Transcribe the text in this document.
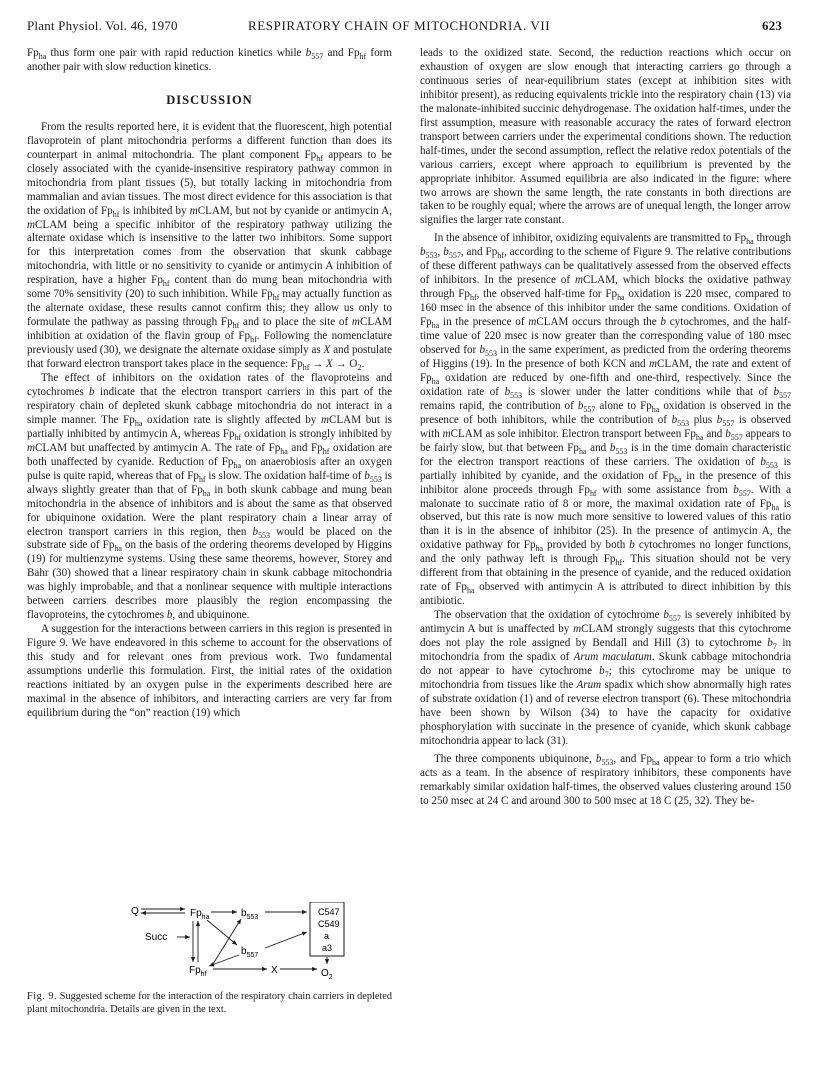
Plant Physiol. Vol. 46, 1970	RESPIRATORY CHAIN OF MITOCHONDRIA. VII	623

$Fp_{ha}$ thus form one pair with rapid reduction kinetics while $b_{557}$ and $Fp_{hf}$ form another pair with slow reduction kinetics.

DISCUSSION

From the results reported here, it is evident that the fluorescent, high potential flavoprotein of plant mitochondria performs a different function than does its counterpart in animal mitochondria. The plant component $Fp_{hf}$ appears to be closely associated with the cyanide-insensitive respiratory pathway common in mitochondria from plant tissues (5), but totally lacking in mitochondria from mammalian and avian tissues. The most direct evidence for this association is that the oxidation of $Fp_{hf}$ is inhibited by mCLAM, but not by cyanide or antimycin A, mCLAM being a specific inhibitor of the respiratory pathway utilizing the alternate oxidase which is insensitive to the latter two inhibitors. Some support for this interpretation comes from the observation that skunk cabbage mitochondria, with little or no sensitivity to cyanide or antimycin A inhibition of respiration, have a higher $Fp_{hf}$ content than do mung bean mitochondria with some 70% sensitivity (20) to such inhibition. While $Fp_{hf}$ may actually function as the alternate oxidase, these results cannot confirm this; they allow us only to formulate the pathway as passing through $Fp_{hf}$ and to place the site of mCLAM inhibition at oxidation of the flavin group of $Fp_{hf}$. Following the nomenclature previously used (30), we designate the alternate oxidase simply as X and postulate that forward electron transport takes place in the sequence: $Fp_{hf} \to X \to O_2$.

The effect of inhibitors on the oxidation rates of the flavoproteins and cytochromes b indicate that the electron transport carriers in this part of the respiratory chain of depleted skunk cabbage mitochondria do not interact in a simple manner. The $Fp_{ha}$ oxidation rate is slightly affected by mCLAM but is partially inhibited by antimycin A, whereas $Fp_{hf}$ oxidation is strongly inhibited by mCLAM but unaffected by antimycin A. The rate of $Fp_{ha}$ and $Fp_{hf}$ oxidation are both unaffected by cyanide. Reduction of $Fp_{ha}$ on anaerobiosis after an oxygen pulse is quite rapid, whereas that of $Fp_{hf}$ is slow. The oxidation half-time of $b_{553}$ is always slightly greater than that of $Fp_{ha}$ in both skunk cabbage and mung bean mitochondria in the absence of inhibitors and is about the same as that observed for ubiquinone oxidation. Were the plant respiratory chain a linear array of electron transport carriers in this region, then $b_{553}$ would be placed on the substrate side of $Fp_{ha}$ on the basis of the ordering theorems developed by Higgins (19) for multienzyme systems. Using these same theorems, however, Storey and Bahr (30) showed that a linear respiratory chain in skunk cabbage mitochondria was highly improbable, and that a nonlinear sequence with multiple interactions between carriers describes more plausibly the region encompassing the flavoproteins, the cytochromes b, and ubiquinone.

A suggestion for the interactions between carriers in this region is presented in Figure 9. We have endeavored in this scheme to account for the observations of this study and for relevant ones from previous work. Two fundamental assumptions underlie this formulation. First, the initial rates of the oxidation reactions initiated by an oxygen pulse in the experiments described here are maximal in the absence of inhibitors, and interacting carriers are very far from equilibrium during the “on” reaction (19) which

Q	$Fp_{ha}$	$b_{553}$
$b_{557}$
Succ
$Fp_{hf}$	X	$O_2$
C547
C549
a
a3
Fig. 9. Suggested scheme for the interaction of the respiratory chain carriers in depleted plant mitochondria. Details are given in the text.

leads to the oxidized state. Second, the reduction reactions which occur on exhaustion of oxygen are slow enough that interacting carriers go through a continuous series of near-equilibrium states (except at inhibition sites with inhibitor present), as reducing equivalents trickle into the respiratory chain (13) via the malonate-inhibited succinic dehydrogenase. The oxidation half-times, under the first assumption, measure with reasonable accuracy the rates of forward electron transport between carriers under the experimental conditions shown. The reduction half-times, under the second assumption, reflect the relative redox potentials of the various carriers, except where approach to equilibrium is prevented by the appropriate inhibitor. Assumed equilibria are also indicated in the figure: where two arrows are shown the same length, the rate constants in both directions are taken to be roughly equal; where the arrows are of unequal length, the longer arrow signifies the larger rate constant.

In the absence of inhibitor, oxidizing equivalents are transmitted to $Fp_{ha}$ through $b_{553}$, $b_{557}$, and $Fp_{hf}$, according to the scheme of Figure 9. The relative contributions of these different pathways can be qualitatively assessed from the observed effects of inhibitors. In the presence of mCLAM, which blocks the oxidative pathway through $Fp_{hf}$, the observed half-time for $Fp_{ha}$ oxidation is 220 msec, compared to 160 msec in the absence of this inhibitor under the same conditions. Oxidation of $Fp_{ha}$ in the presence of mCLAM occurs through the b cytochromes, and the half-time value of 220 msec is now greater than the corresponding value of 180 msec observed for $b_{553}$ in the same experiment, as predicted from the ordering theorems of Higgins (19). In the presence of both KCN and mCLAM, the rate and extent of $Fp_{ha}$ oxidation are reduced by one-fifth and one-third, respectively. Since the oxidation rate of $b_{553}$ is slower under the latter conditions while that of $b_{557}$ remains rapid, the contribution of $b_{557}$ alone to $Fp_{ha}$ oxidation is observed in the presence of both inhibitors, while the contribution of $b_{553}$ plus $b_{557}$ is observed with mCLAM as sole inhibitor. Electron transport between $Fp_{ha}$ and $b_{557}$ appears to be fairly slow, but that between $Fp_{ha}$ and $b_{553}$ is in the time domain characteristic for the electron transport reactions of these carriers. The oxidation of $b_{553}$ is partially inhibited by cyanide, and the oxidation of $Fp_{ha}$ in the presence of this inhibitor alone proceeds through $Fp_{hf}$ with some assistance from $b_{557}$. With a malonate to succinate ratio of 8 or more, the maximal oxidation rate of $Fp_{ha}$ is observed, but this rate is now much more sensitive to lowered values of this ratio than it is in the absence of inhibitor (25). In the presence of antimycin A, the oxidative pathway for $Fp_{ha}$ provided by both b cytochromes no longer functions, and the only pathway left is through $Fp_{hf}$. This situation should not be very different from that obtaining in the presence of cyanide, and the reduced oxidation rate of $Fp_{ha}$ observed with antimycin A is attributed to direct inhibition by this antibiotic.

The observation that the oxidation of cytochrome $b_{557}$ is severely inhibited by antimycin A but is unaffected by mCLAM strongly suggests that this cytochrome does not play the role assigned by Bendall and Hill (3) to cytochrome $b_7$ in mitochondria from the spadix of Arum maculatum. Skunk cabbage mitochondria do not appear to have cytochrome $b_7$; this cytochrome may be unique to mitochondria from tissues like the Arum spadix which show abnormally high rates of substrate oxidation (1) and of reverse electron transport (6). These mitochondria have been shown by Wilson (34) to have the capacity for oxidative phosphorylation with succinate in the presence of cyanide, which skunk cabbage mitochondria appear to lack (31).

The three components ubiquinone, $b_{553}$, and $Fp_{ha}$ appear to form a trio which acts as a team. In the absence of respiratory inhibitors, these components have remarkably similar oxidation half-times, the observed values clustering around 150 to 250 msec at 24 C and around 300 to 500 msec at 18 C (25, 32). They be-
